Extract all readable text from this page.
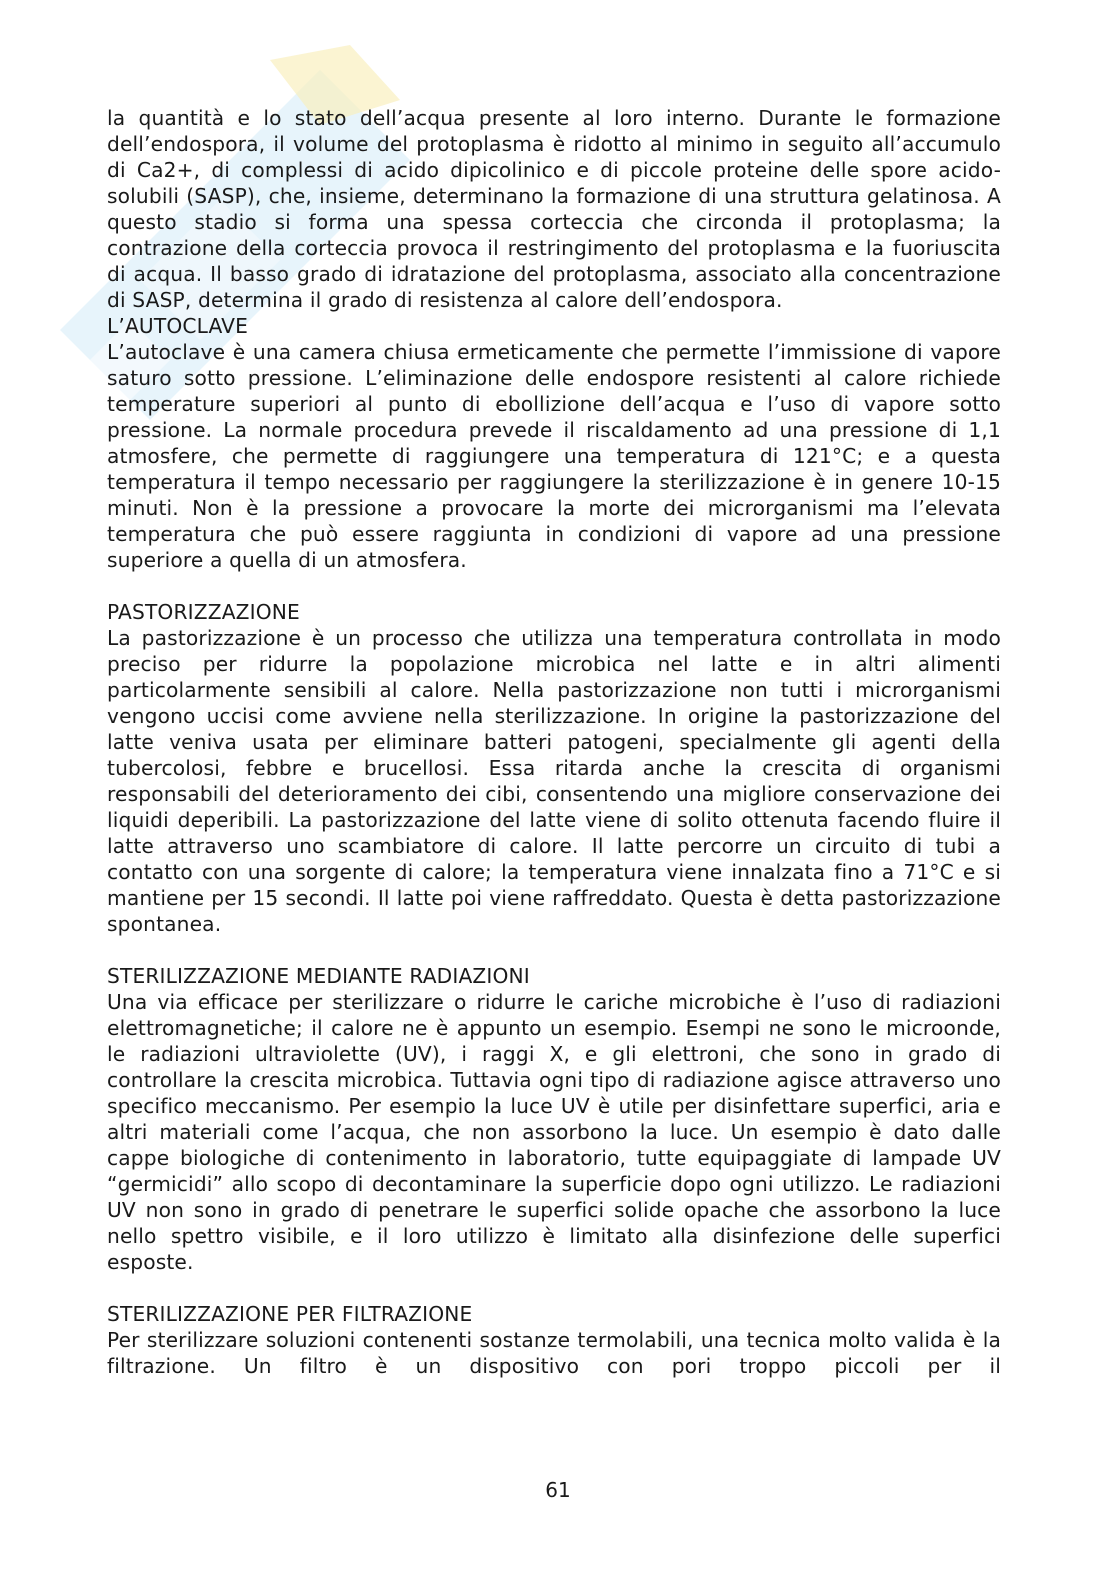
la quantità e lo stato dell’acqua presente al loro interno. Durante le formazione dell’endospora, il volume del protoplasma è ridotto al minimo in seguito all’accumulo di Ca2+, di complessi di acido dipicolinico e di piccole proteine delle spore acido-solubili (SASP), che, insieme, determinano la formazione di una struttura gelatinosa. A questo stadio si forma una spessa corteccia che circonda il protoplasma; la contrazione della corteccia provoca il restringimento del protoplasma e la fuoriuscita di acqua. Il basso grado di idratazione del protoplasma, associato alla concentrazione di SASP, determina il grado di resistenza al calore dell’endospora.

L’AUTOCLAVE

L’autoclave è una camera chiusa ermeticamente che permette l’immissione di vapore saturo sotto pressione. L’eliminazione delle endospore resistenti al calore richiede temperature superiori al punto di ebollizione dell’acqua e l’uso di vapore sotto pressione. La normale procedura prevede il riscaldamento ad una pressione di 1,1 atmosfere, che permette di raggiungere una temperatura di 121°C; e a questa temperatura il tempo necessario per raggiungere la sterilizzazione è in genere 10-15 minuti. Non è la pressione a provocare la morte dei microrganismi ma l’elevata temperatura che può essere raggiunta in condizioni di vapore ad una pressione superiore a quella di un atmosfera.

PASTORIZZAZIONE

La pastorizzazione è un processo che utilizza una temperatura controllata in modo preciso per ridurre la popolazione microbica nel latte e in altri alimenti particolarmente sensibili al calore. Nella pastorizzazione non tutti i microrganismi vengono uccisi come avviene nella sterilizzazione. In origine la pastorizzazione del latte veniva usata per eliminare batteri patogeni, specialmente gli agenti della tubercolosi, febbre e brucellosi. Essa ritarda anche la crescita di organismi responsabili del deterioramento dei cibi, consentendo una migliore conservazione dei liquidi deperibili. La pastorizzazione del latte viene di solito ottenuta facendo fluire il latte attraverso uno scambiatore di calore. Il latte percorre un circuito di tubi a contatto con una sorgente di calore; la temperatura viene innalzata fino a 71°C e si mantiene per 15 secondi. Il latte poi viene raffreddato. Questa è detta pastorizzazione spontanea.

STERILIZZAZIONE MEDIANTE RADIAZIONI

Una via efficace per sterilizzare o ridurre le cariche microbiche è l’uso di radiazioni elettromagnetiche; il calore ne è appunto un esempio. Esempi ne sono le microonde, le radiazioni ultraviolette (UV), i raggi X, e gli elettroni, che sono in grado di controllare la crescita microbica. Tuttavia ogni tipo di radiazione agisce attraverso uno specifico meccanismo. Per esempio la luce UV è utile per disinfettare superfici, aria e altri materiali come l’acqua, che non assorbono la luce. Un esempio è dato dalle cappe biologiche di contenimento in laboratorio, tutte equipaggiate di lampade UV “germicidi” allo scopo di decontaminare la superficie dopo ogni utilizzo. Le radiazioni UV non sono in grado di penetrare le superfici solide opache che assorbono la luce nello spettro visibile, e il loro utilizzo è limitato alla disinfezione delle superfici esposte.

STERILIZZAZIONE PER FILTRAZIONE

Per sterilizzare soluzioni contenenti sostanze termolabili, una tecnica molto valida è la filtrazione. Un filtro è un dispositivo con pori troppo piccoli per il

61
